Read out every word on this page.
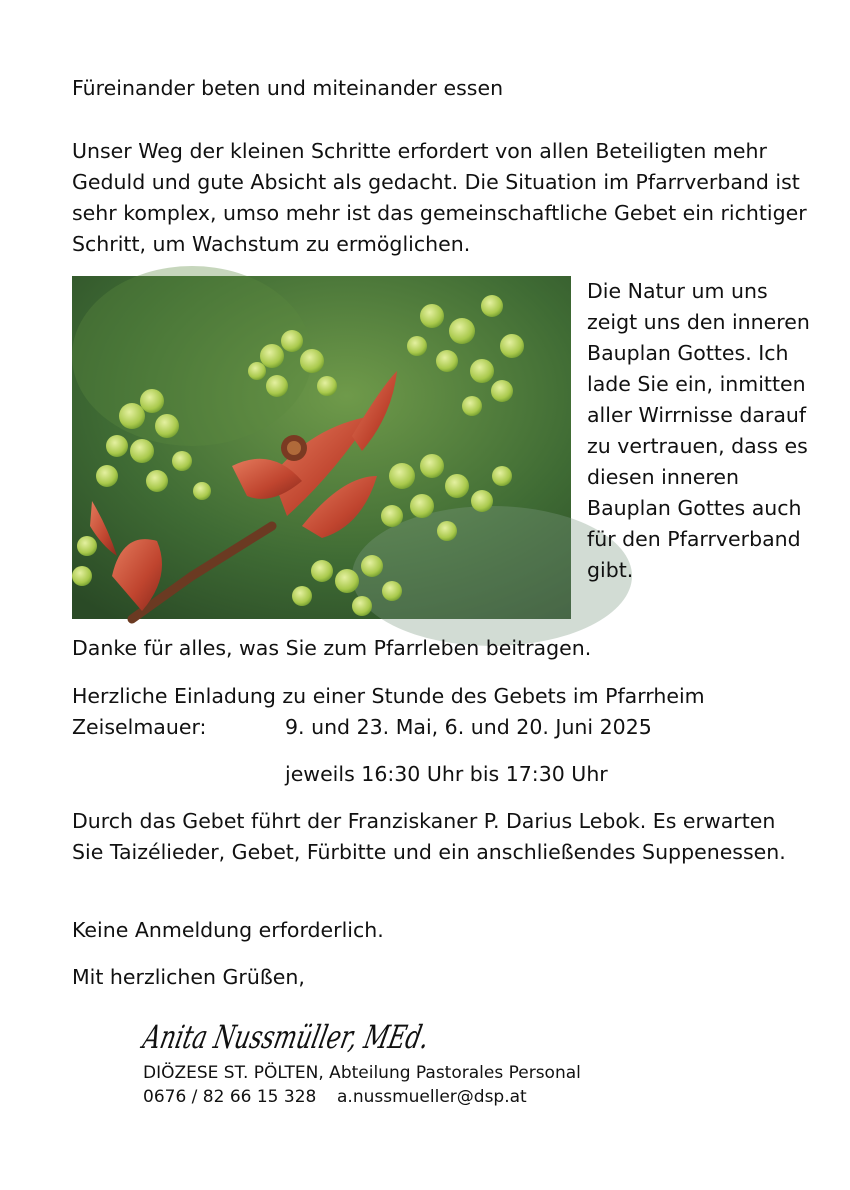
Füreinander beten und miteinander essen
Unser Weg der kleinen Schritte erfordert von allen Beteiligten mehr Geduld und gute Absicht als gedacht. Die Situation im Pfarrverband ist sehr komplex, umso mehr ist das gemeinschaftliche Gebet ein richtiger Schritt, um Wachstum zu ermöglichen.
Die Natur um uns zeigt uns den inneren Bauplan Gottes. Ich lade Sie ein, inmitten aller Wirrnisse darauf zu vertrauen, dass es diesen inneren Bauplan Gottes auch für den Pfarrverband gibt.
Danke für alles, was Sie zum Pfarrleben beitragen.
Herzliche Einladung zu einer Stunde des Gebets im Pfarrheim
Zeiselmauer:	9. und 23. Mai, 6. und 20. Juni 2025
jeweils 16:30 Uhr bis 17:30 Uhr
Durch das Gebet führt der Franziskaner P. Darius Lebok. Es erwarten Sie Taizélieder, Gebet, Fürbitte und ein anschließendes Suppenessen.
Keine Anmeldung erforderlich.
Mit herzlichen Grüßen,
Anita Nussmüller, MEd.
DIÖZESE ST. PÖLTEN, Abteilung Pastorales Personal
0676 / 82 66 15 328 a.nussmueller@dsp.at
